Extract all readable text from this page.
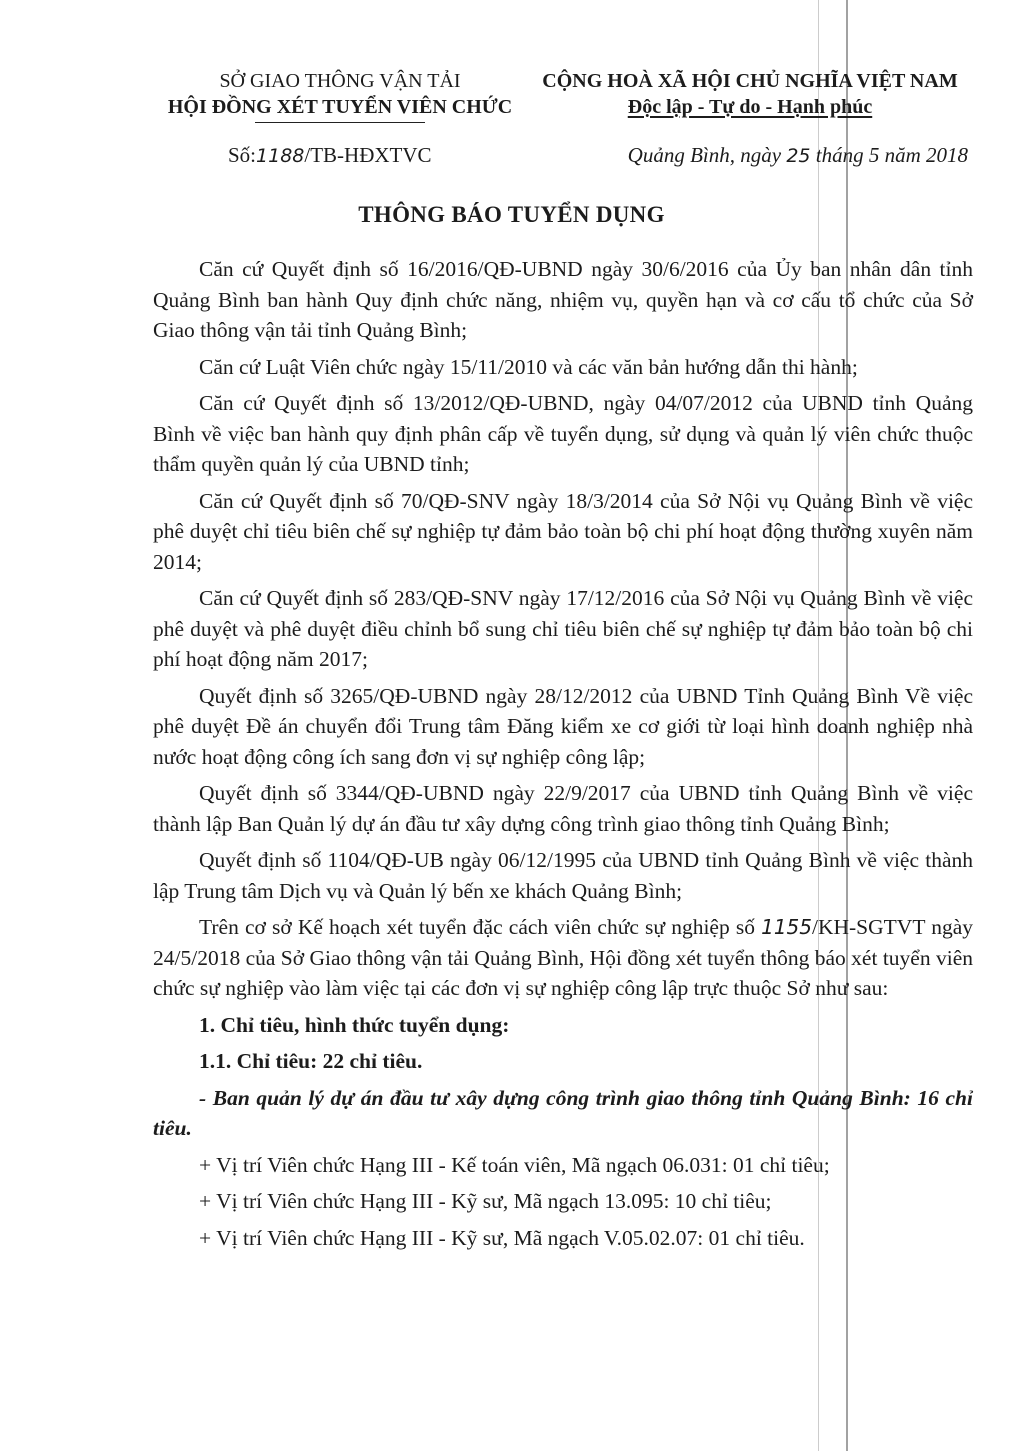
SỞ GIAO THÔNG VẬN TẢI
HỘI ĐỒNG XÉT TUYỂN VIÊN CHỨC
CỘNG HOÀ XÃ HỘI CHỦ NGHĨA VIỆT NAM
Độc lập - Tự do - Hạnh phúc
Số:1188/TB-HĐXTVC	Quảng Bình, ngày 25 tháng 5 năm 2018
THÔNG BÁO TUYỂN DỤNG

Căn cứ Quyết định số 16/2016/QĐ-UBND ngày 30/6/2016 của Ủy ban nhân dân tỉnh Quảng Bình ban hành Quy định chức năng, nhiệm vụ, quyền hạn và cơ cấu tổ chức của Sở Giao thông vận tải tỉnh Quảng Bình;

Căn cứ Luật Viên chức ngày 15/11/2010 và các văn bản hướng dẫn thi hành;

Căn cứ Quyết định số 13/2012/QĐ-UBND, ngày 04/07/2012 của UBND tỉnh Quảng Bình về việc ban hành quy định phân cấp về tuyển dụng, sử dụng và quản lý viên chức thuộc thẩm quyền quản lý của UBND tỉnh;

Căn cứ Quyết định số 70/QĐ-SNV ngày 18/3/2014 của Sở Nội vụ Quảng Bình về việc phê duyệt chỉ tiêu biên chế sự nghiệp tự đảm bảo toàn bộ chi phí hoạt động thường xuyên năm 2014;

Căn cứ Quyết định số 283/QĐ-SNV ngày 17/12/2016 của Sở Nội vụ Quảng Bình về việc phê duyệt và phê duyệt điều chỉnh bổ sung chỉ tiêu biên chế sự nghiệp tự đảm bảo toàn bộ chi phí hoạt động năm 2017;

Quyết định số 3265/QĐ-UBND ngày 28/12/2012 của UBND Tỉnh Quảng Bình Về việc phê duyệt Đề án chuyển đổi Trung tâm Đăng kiểm xe cơ giới từ loại hình doanh nghiệp nhà nước hoạt động công ích sang đơn vị sự nghiệp công lập;

Quyết định số 3344/QĐ-UBND ngày 22/9/2017 của UBND tỉnh Quảng Bình về việc thành lập Ban Quản lý dự án đầu tư xây dựng công trình giao thông tỉnh Quảng Bình;

Quyết định số 1104/QĐ-UB ngày 06/12/1995 của UBND tỉnh Quảng Bình về việc thành lập Trung tâm Dịch vụ và Quản lý bến xe khách Quảng Bình;

Trên cơ sở Kế hoạch xét tuyển đặc cách viên chức sự nghiệp số 1155/KH-SGTVT ngày 24/5/2018 của Sở Giao thông vận tải Quảng Bình, Hội đồng xét tuyển thông báo xét tuyển viên chức sự nghiệp vào làm việc tại các đơn vị sự nghiệp công lập trực thuộc Sở như sau:

1. Chỉ tiêu, hình thức tuyển dụng:

1.1. Chỉ tiêu: 22 chỉ tiêu.

- Ban quản lý dự án đầu tư xây dựng công trình giao thông tỉnh Quảng Bình: 16 chỉ tiêu.

+ Vị trí Viên chức Hạng III - Kế toán viên, Mã ngạch 06.031: 01 chỉ tiêu;

+ Vị trí Viên chức Hạng III - Kỹ sư, Mã ngạch 13.095: 10 chỉ tiêu;

+ Vị trí Viên chức Hạng III - Kỹ sư, Mã ngạch V.05.02.07: 01 chỉ tiêu.
